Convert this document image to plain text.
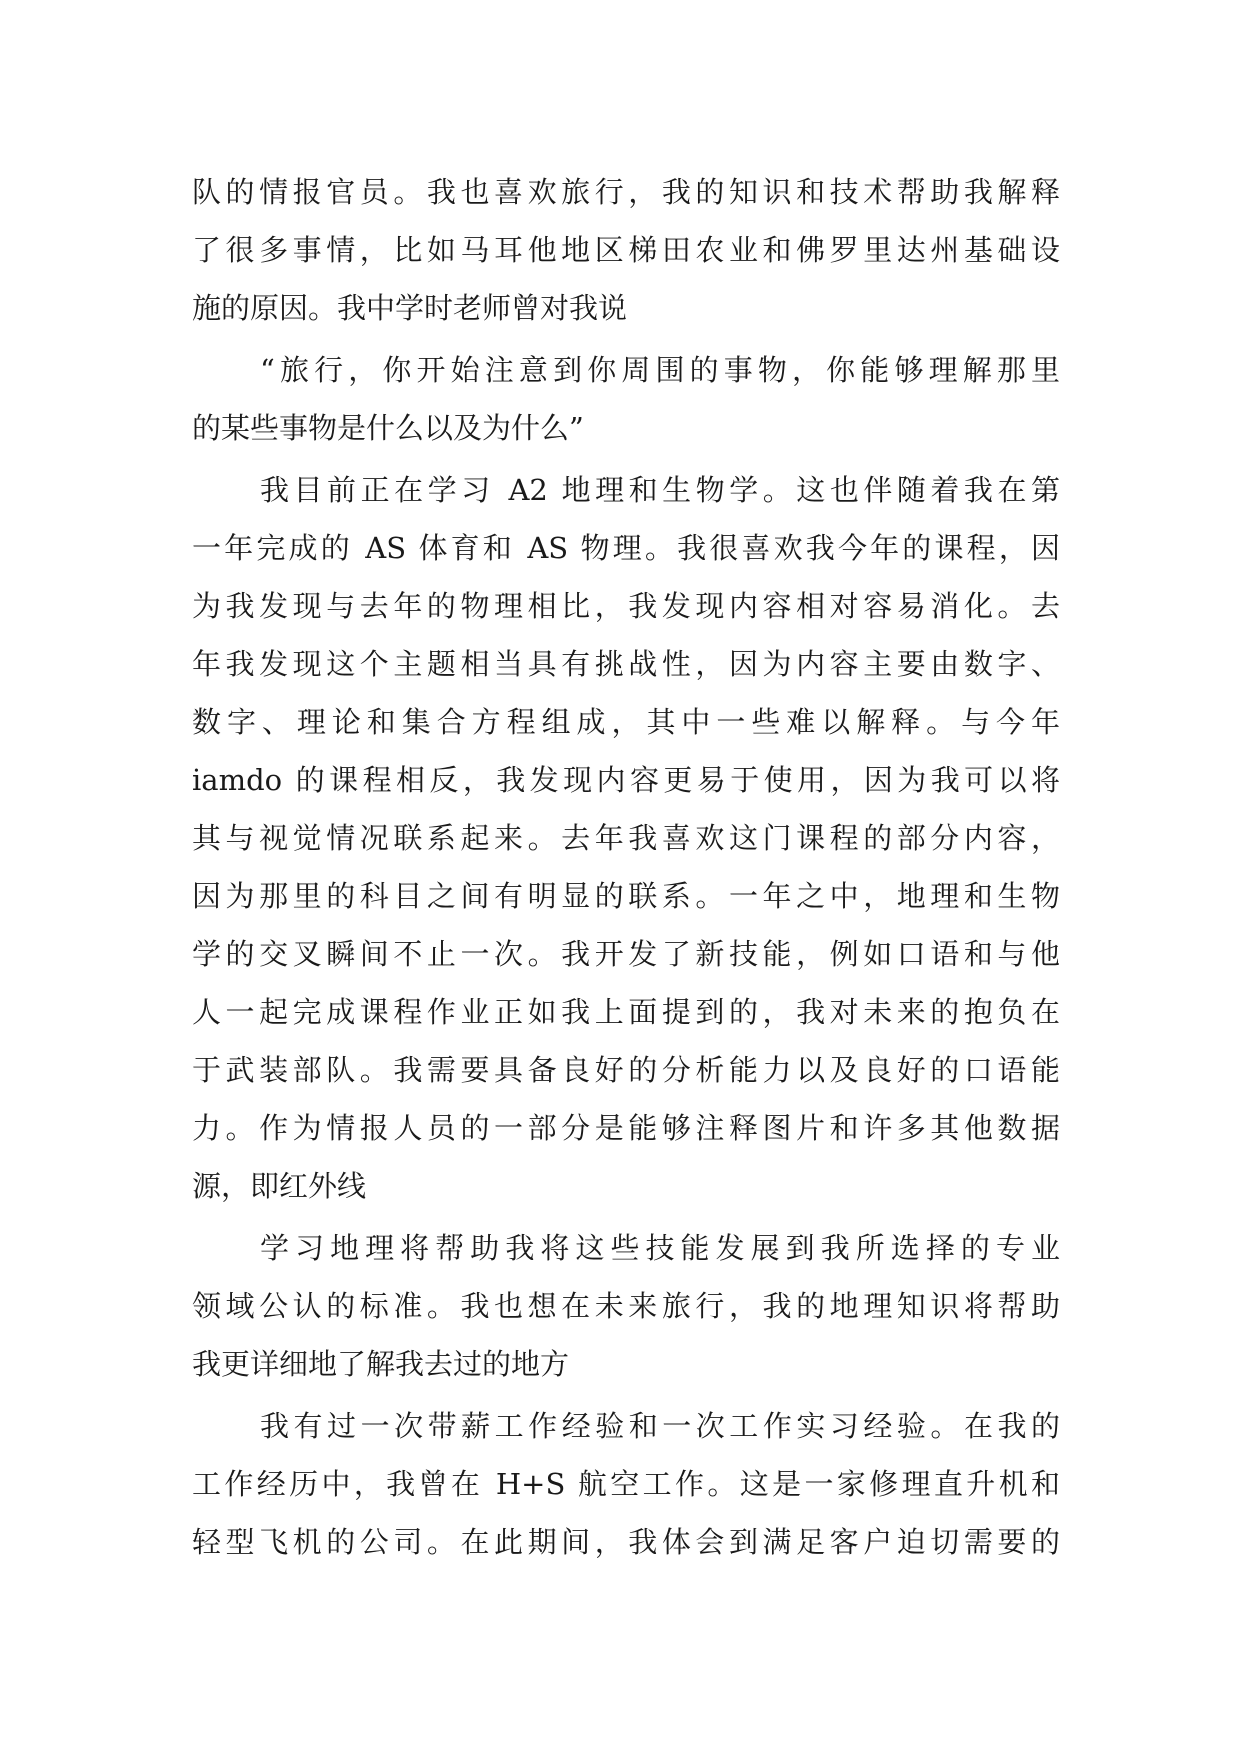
队的情报官员。我也喜欢旅行，我的知识和技术帮助我解释
了很多事情，比如马耳他地区梯田农业和佛罗里达州基础设
施的原因。我中学时老师曾对我说
“旅行，你开始注意到你周围的事物，你能够理解那里
的某些事物是什么以及为什么”
我目前正在学习 A2 地理和生物学。这也伴随着我在第
一年完成的 AS 体育和 AS 物理。我很喜欢我今年的课程，因
为我发现与去年的物理相比，我发现内容相对容易消化。去
年我发现这个主题相当具有挑战性，因为内容主要由数字、
数字、理论和集合方程组成，其中一些难以解释。与今年
iamdo 的课程相反，我发现内容更易于使用，因为我可以将
其与视觉情况联系起来。去年我喜欢这门课程的部分内容，
因为那里的科目之间有明显的联系。一年之中，地理和生物
学的交叉瞬间不止一次。我开发了新技能，例如口语和与他
人一起完成课程作业正如我上面提到的，我对未来的抱负在
于武装部队。我需要具备良好的分析能力以及良好的口语能
力。作为情报人员的一部分是能够注释图片和许多其他数据
源，即红外线
学习地理将帮助我将这些技能发展到我所选择的专业
领域公认的标准。我也想在未来旅行，我的地理知识将帮助
我更详细地了解我去过的地方
我有过一次带薪工作经验和一次工作实习经验。在我的
工作经历中，我曾在 H+S 航空工作。这是一家修理直升机和
轻型飞机的公司。在此期间，我体会到满足客户迫切需要的
